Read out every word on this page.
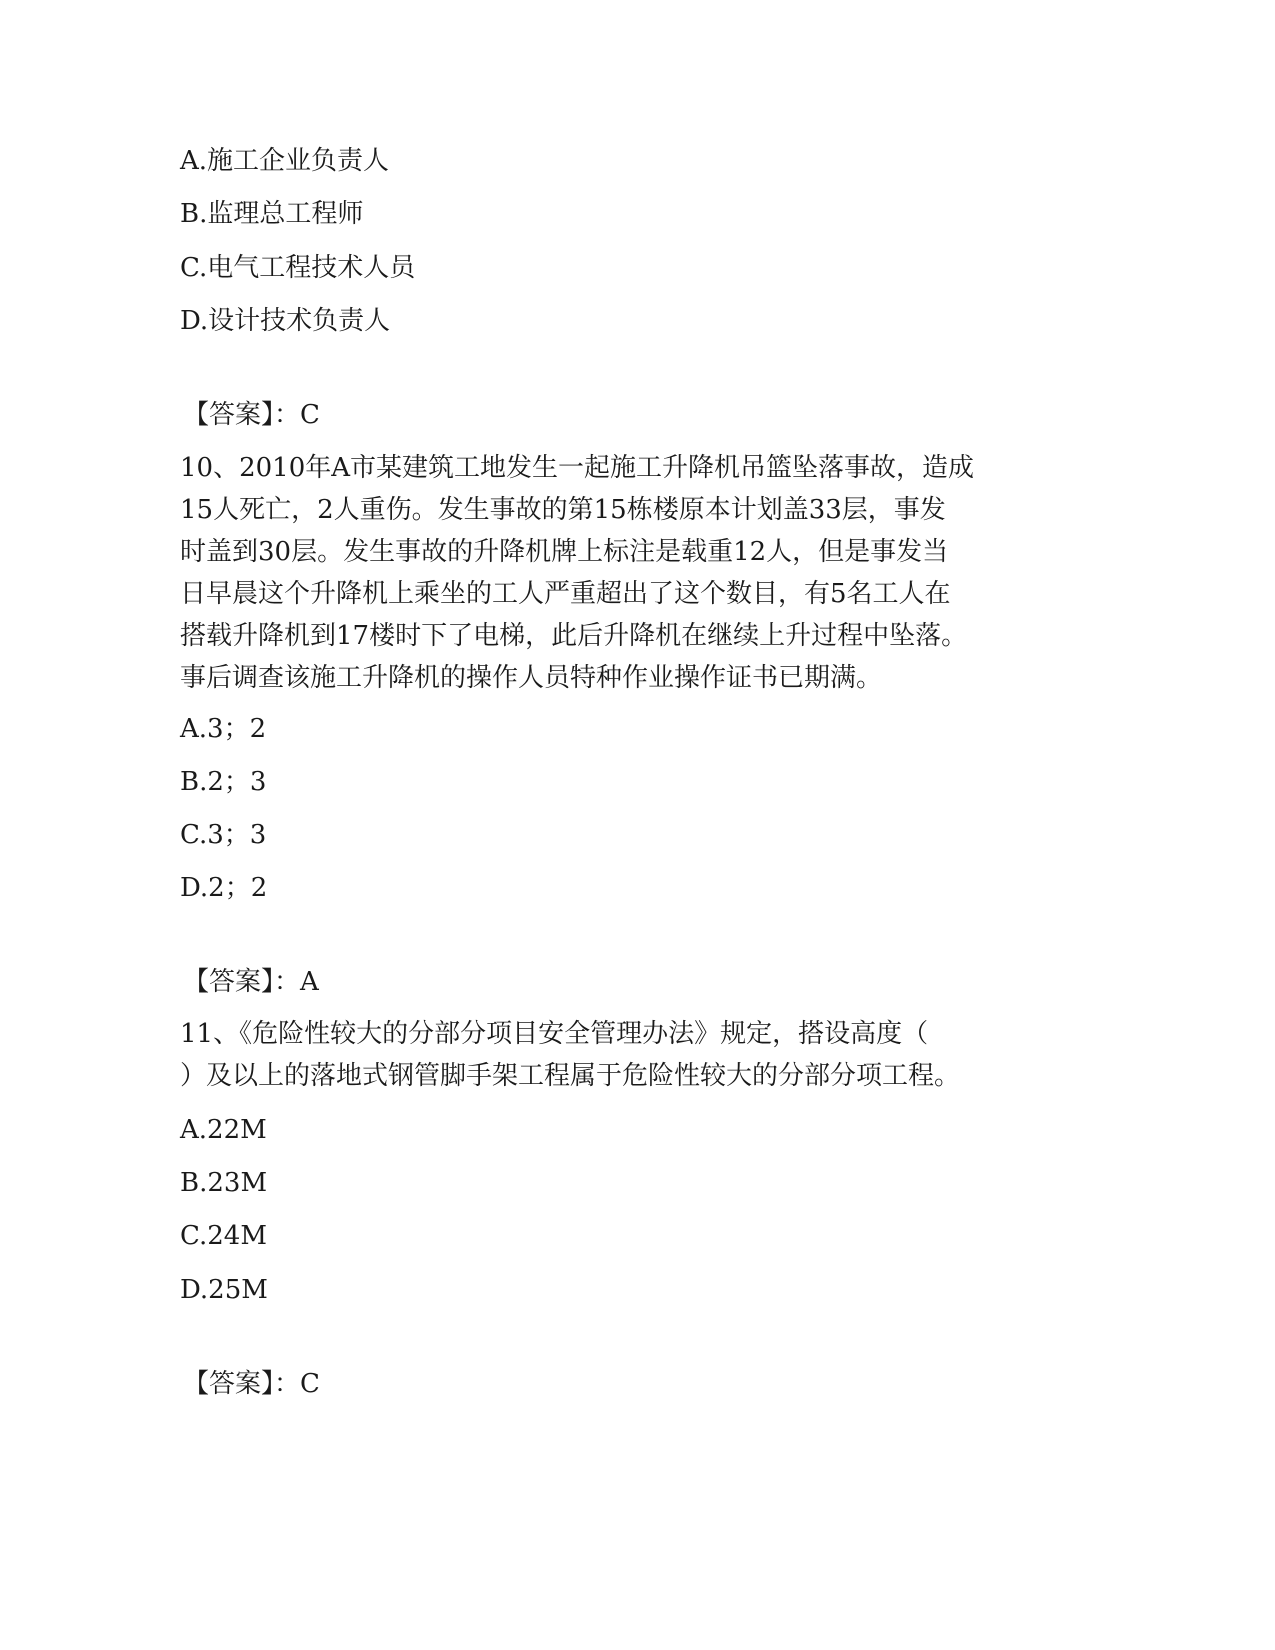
A.施工企业负责人
B.监理总工程师
C.电气工程技术人员
D.设计技术负责人
【答案】：C
10、2010年A市某建筑工地发生一起施工升降机吊篮坠落事故，造成
15人死亡，2人重伤。发生事故的第15栋楼原本计划盖33层，事发
时盖到30层。发生事故的升降机牌上标注是载重12人，但是事发当
日早晨这个升降机上乘坐的工人严重超出了这个数目，有5名工人在
搭载升降机到17楼时下了电梯，此后升降机在继续上升过程中坠落。
事后调查该施工升降机的操作人员特种作业操作证书已期满。
A.3；2
B.2；3
C.3；3
D.2；2
【答案】：A
11、《危险性较大的分部分项目安全管理办法》规定，搭设高度（
）及以上的落地式钢管脚手架工程属于危险性较大的分部分项工程。
A.22M
B.23M
C.24M
D.25M
【答案】：C
